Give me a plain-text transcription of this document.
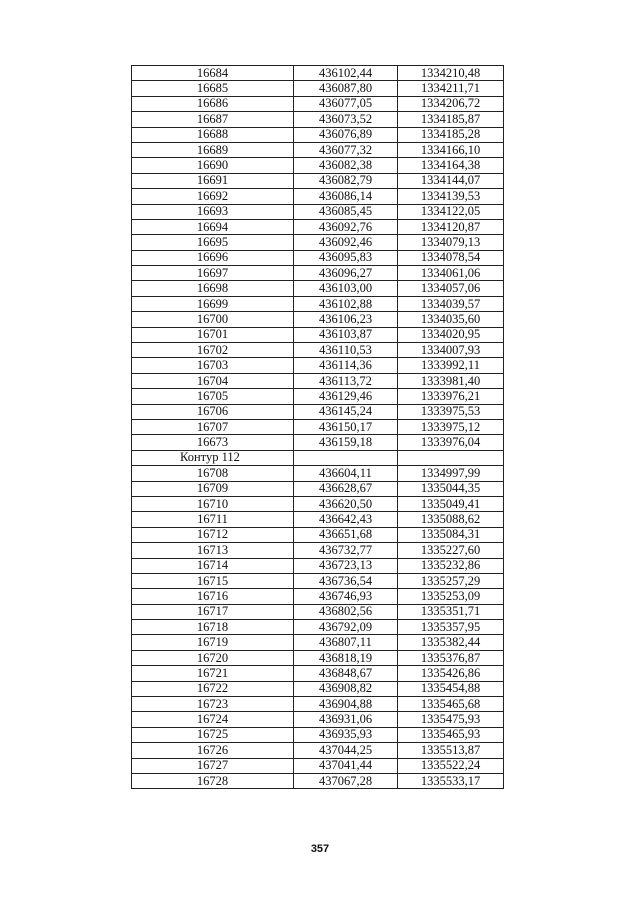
16684	436102,44	1334210,48
16685	436087,80	1334211,71
16686	436077,05	1334206,72
16687	436073,52	1334185,87
16688	436076,89	1334185,28
16689	436077,32	1334166,10
16690	436082,38	1334164,38
16691	436082,79	1334144,07
16692	436086,14	1334139,53
16693	436085,45	1334122,05
16694	436092,76	1334120,87
16695	436092,46	1334079,13
16696	436095,83	1334078,54
16697	436096,27	1334061,06
16698	436103,00	1334057,06
16699	436102,88	1334039,57
16700	436106,23	1334035,60
16701	436103,87	1334020,95
16702	436110,53	1334007,93
16703	436114,36	1333992,11
16704	436113,72	1333981,40
16705	436129,46	1333976,21
16706	436145,24	1333975,53
16707	436150,17	1333975,12
16673	436159,18	1333976,04
Контур 112		
16708	436604,11	1334997,99
16709	436628,67	1335044,35
16710	436620,50	1335049,41
16711	436642,43	1335088,62
16712	436651,68	1335084,31
16713	436732,77	1335227,60
16714	436723,13	1335232,86
16715	436736,54	1335257,29
16716	436746,93	1335253,09
16717	436802,56	1335351,71
16718	436792,09	1335357,95
16719	436807,11	1335382,44
16720	436818,19	1335376,87
16721	436848,67	1335426,86
16722	436908,82	1335454,88
16723	436904,88	1335465,68
16724	436931,06	1335475,93
16725	436935,93	1335465,93
16726	437044,25	1335513,87
16727	437041,44	1335522,24
16728	437067,28	1335533,17
357
